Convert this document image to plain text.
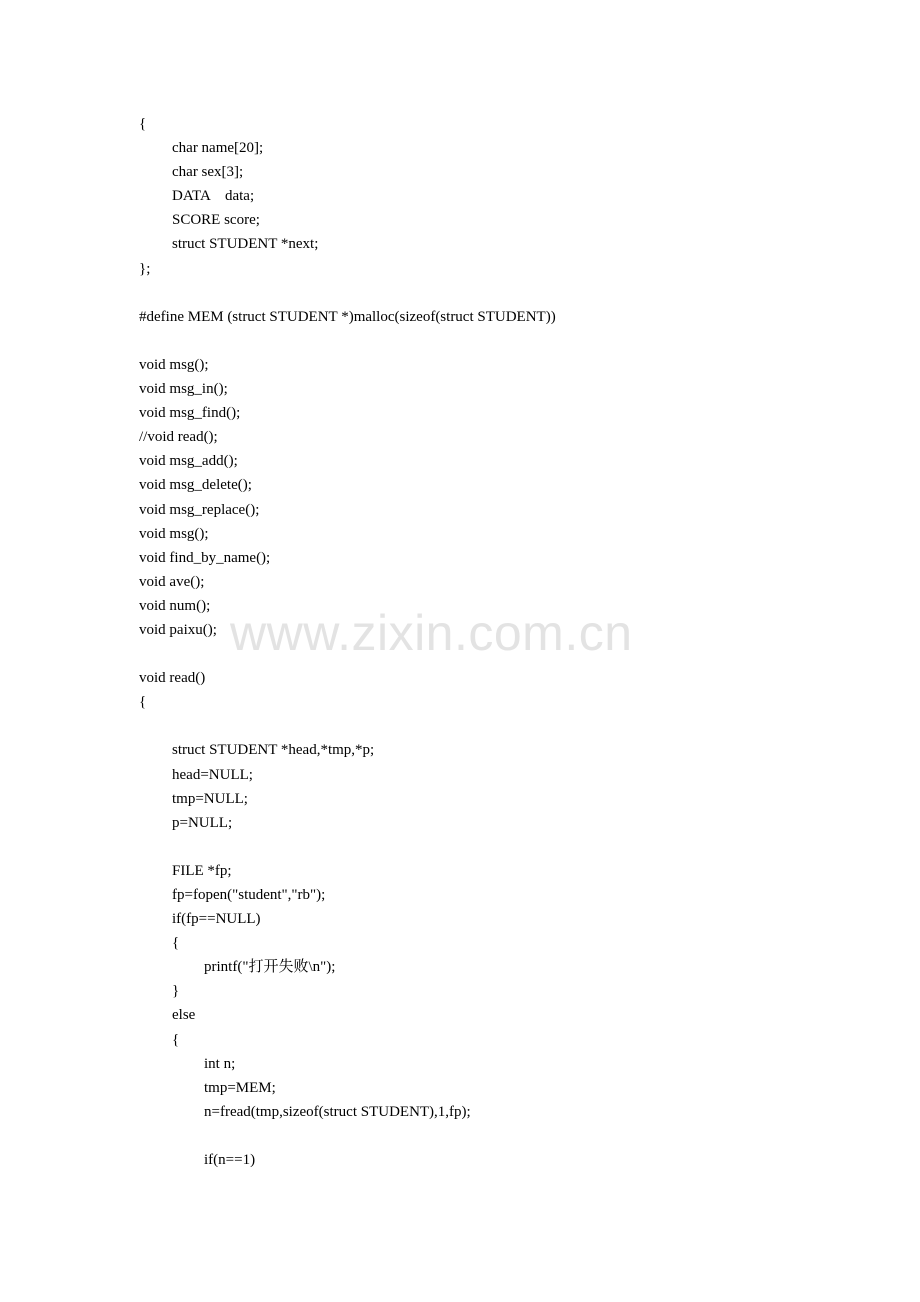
{
char name[20];
char sex[3];
DATA    data;
SCORE score;
struct STUDENT *next;
};
#define MEM (struct STUDENT *)malloc(sizeof(struct STUDENT))
void msg();
void msg_in();
void msg_find();
//void read();
void msg_add();
void msg_delete();
void msg_replace();
void msg();
void find_by_name();
void ave();
void num();
void paixu();
void read()
{
struct STUDENT *head,*tmp,*p;
head=NULL;
tmp=NULL;
p=NULL;
FILE *fp;
fp=fopen("student","rb");
if(fp==NULL)
{
printf("打开失败\n");
}
else
{
int n;
tmp=MEM;
n=fread(tmp,sizeof(struct STUDENT),1,fp);
if(n==1)
www.zixin.com.cn
